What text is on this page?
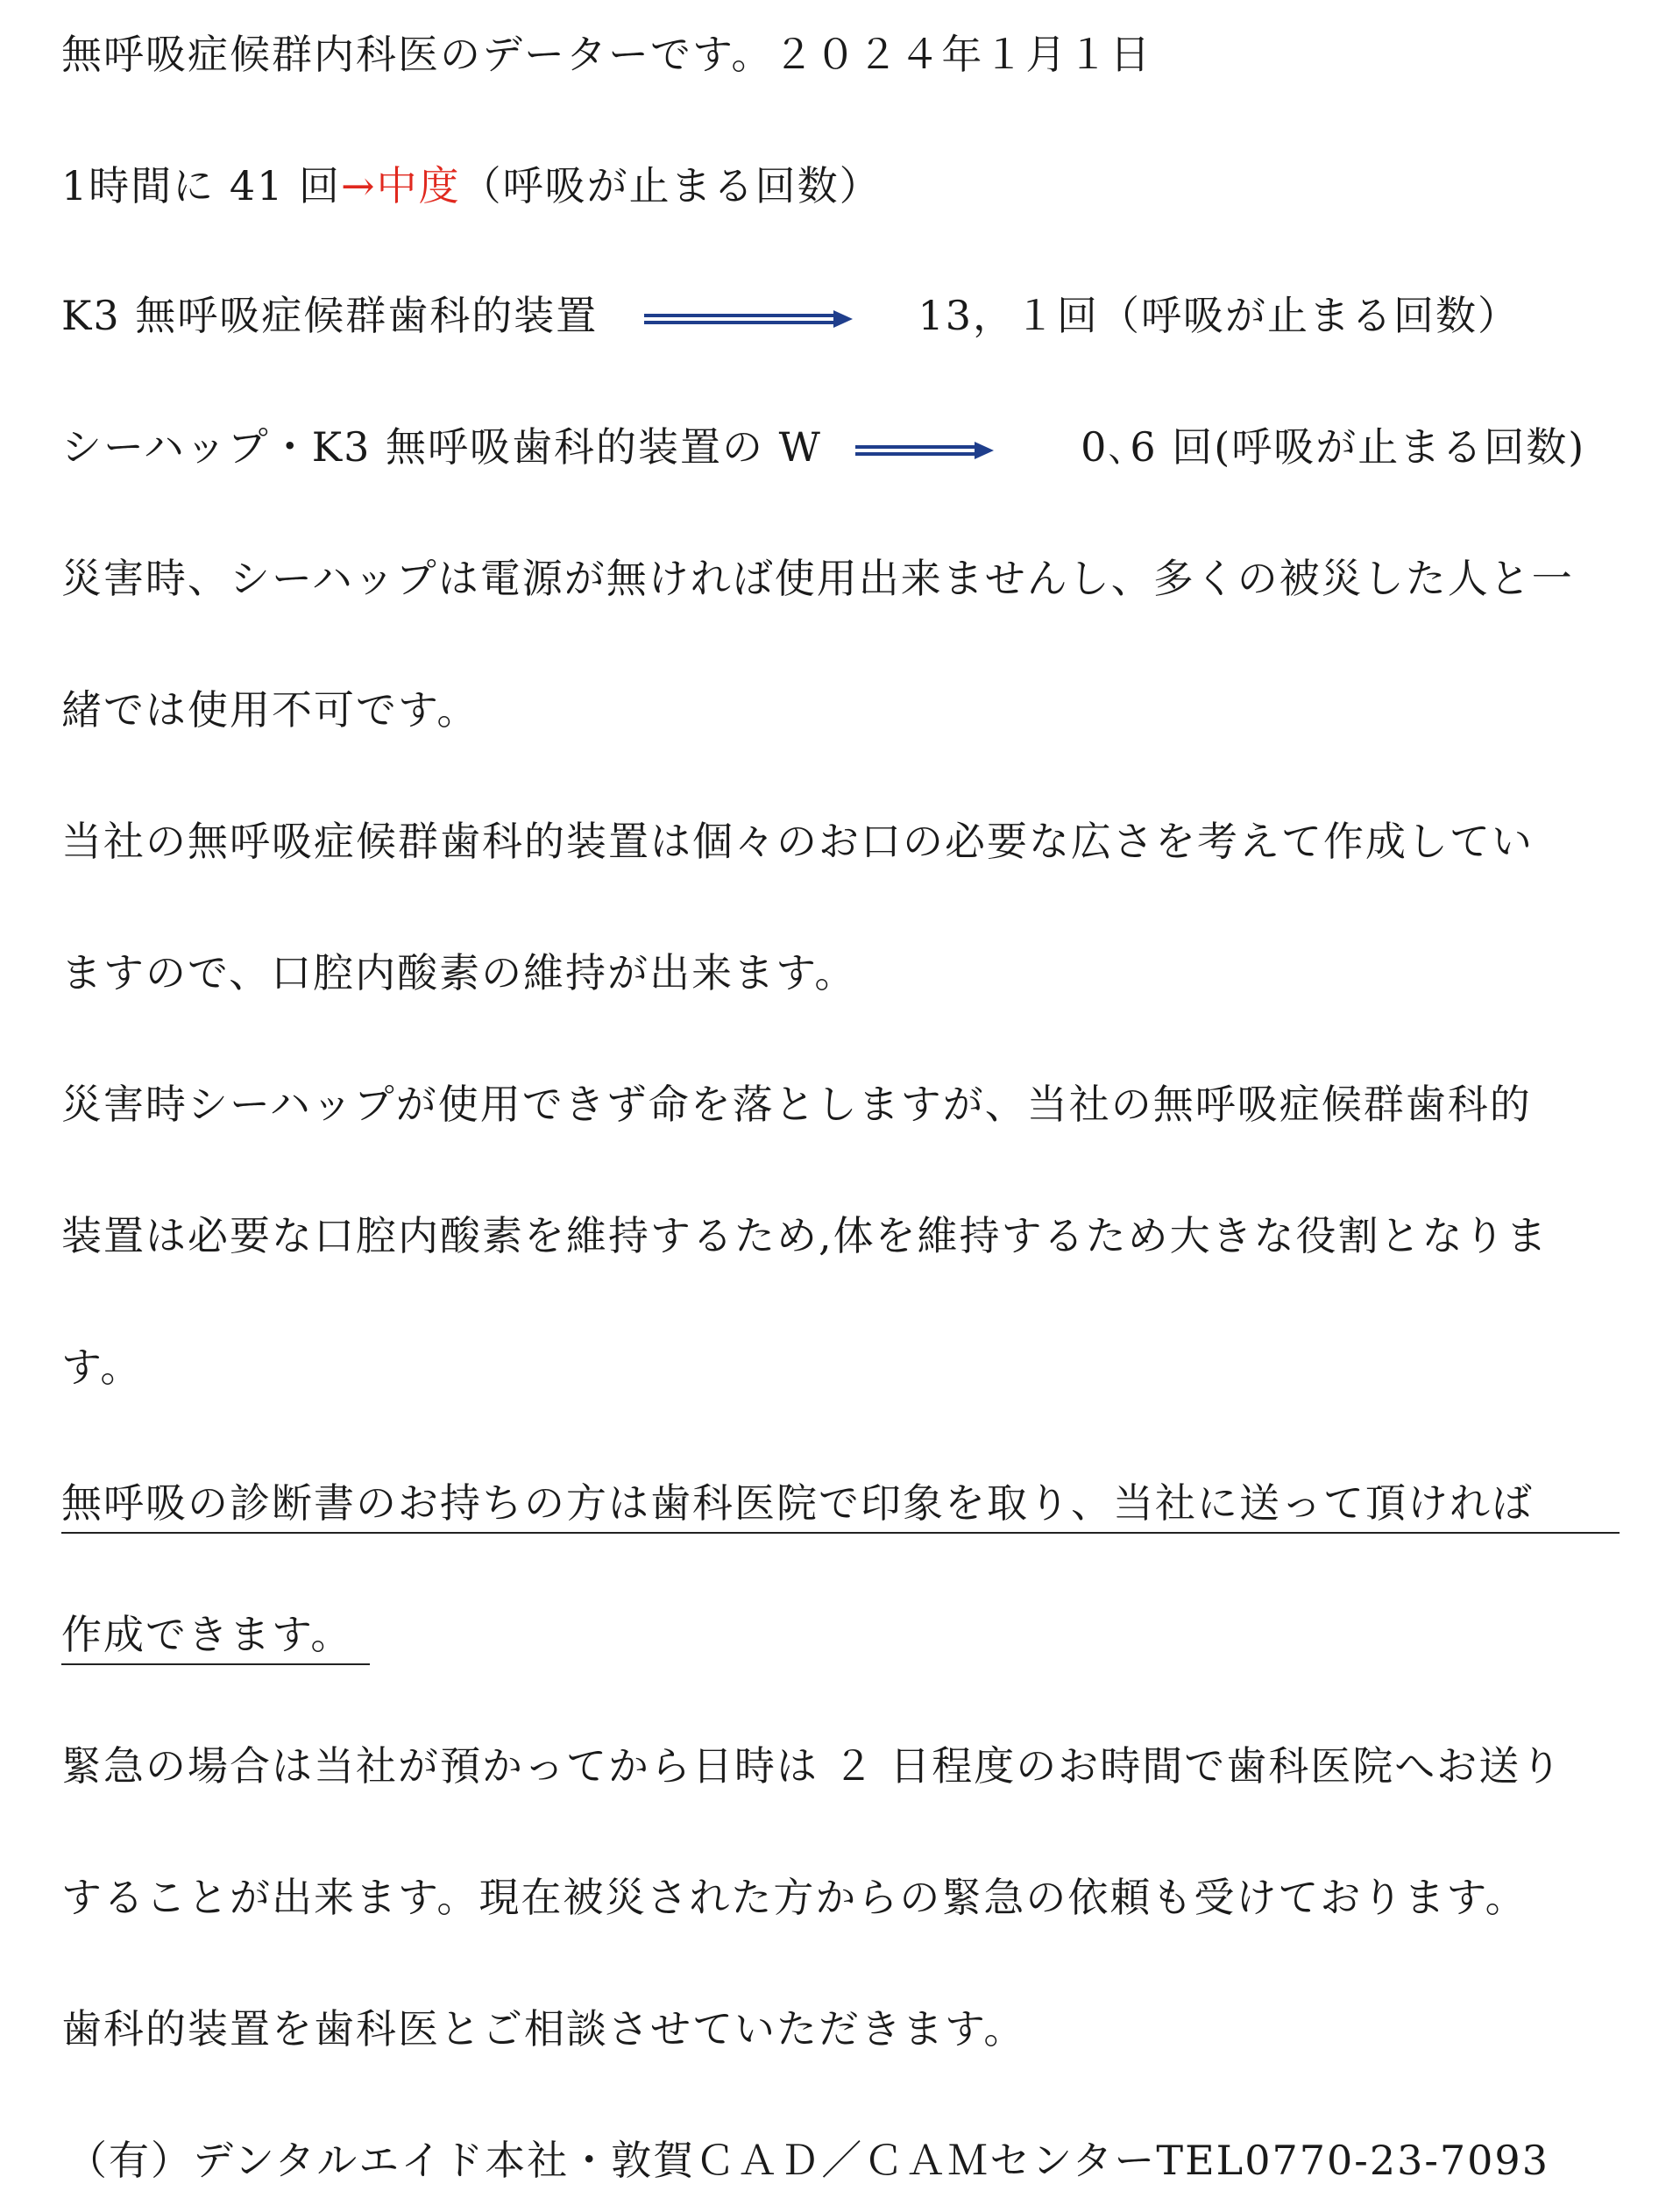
無呼吸症候群内科医のデーターです。２０２４年１月１日
1時間に 41 回→中度（呼吸が止まる回数）
K3 無呼吸症候群歯科的装置	13，１回（呼吸が止まる回数）
シーハップ・K3 無呼吸歯科的装置の W	0､6 回(呼吸が止まる回数)
災害時、シーハップは電源が無ければ使用出来ませんし、多くの被災した人と一
緒では使用不可です。
当社の無呼吸症候群歯科的装置は個々のお口の必要な広さを考えて作成してい
ますので、口腔内酸素の維持が出来ます。
災害時シーハップが使用できず命を落としますが、当社の無呼吸症候群歯科的
装置は必要な口腔内酸素を維持するため,体を維持するため大きな役割となりま
す。
無呼吸の診断書のお持ちの方は歯科医院で印象を取り、当社に送って頂ければ
作成できます。
緊急の場合は当社が預かってから日時は ２ 日程度のお時間で歯科医院へお送り
することが出来ます。現在被災された方からの緊急の依頼も受けております。
歯科的装置を歯科医とご相談させていただきます。
（有）デンタルエイド本社・敦賀ＣＡＤ／ＣＡＭセンターTEL0770-23-7093
